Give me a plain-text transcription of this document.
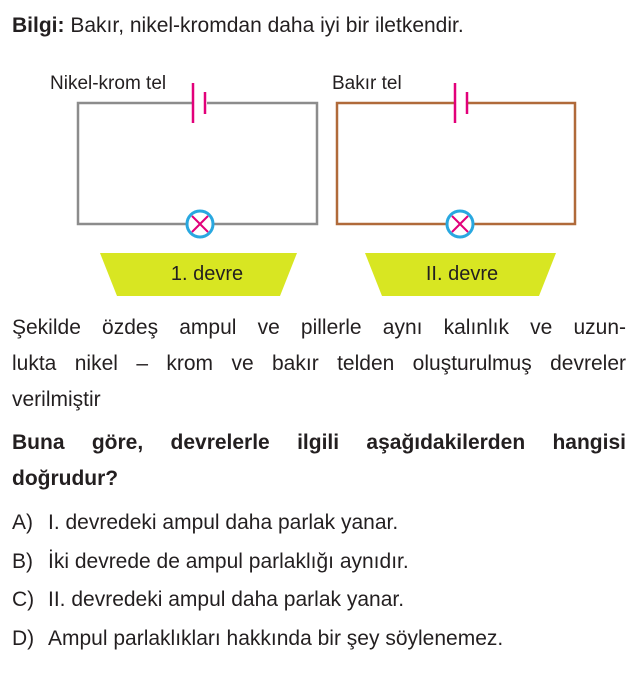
Bilgi: Bakır, nikel-kromdan daha iyi bir iletkendir.
Nikel-krom tel	Bakır tel
1. devre	II. devre
Şekilde özdeş ampul ve pillerle aynı kalınlık ve uzun-
lukta nikel – krom ve bakır telden oluşturulmuş devreler
verilmiştir
Buna göre, devrelerle ilgili aşağıdakilerden hangisi
doğrudur?
A) I. devredeki ampul daha parlak yanar.
B) İki devrede de ampul parlaklığı aynıdır.
C) II. devredeki ampul daha parlak yanar.
D) Ampul parlaklıkları hakkında bir şey söylenemez.
